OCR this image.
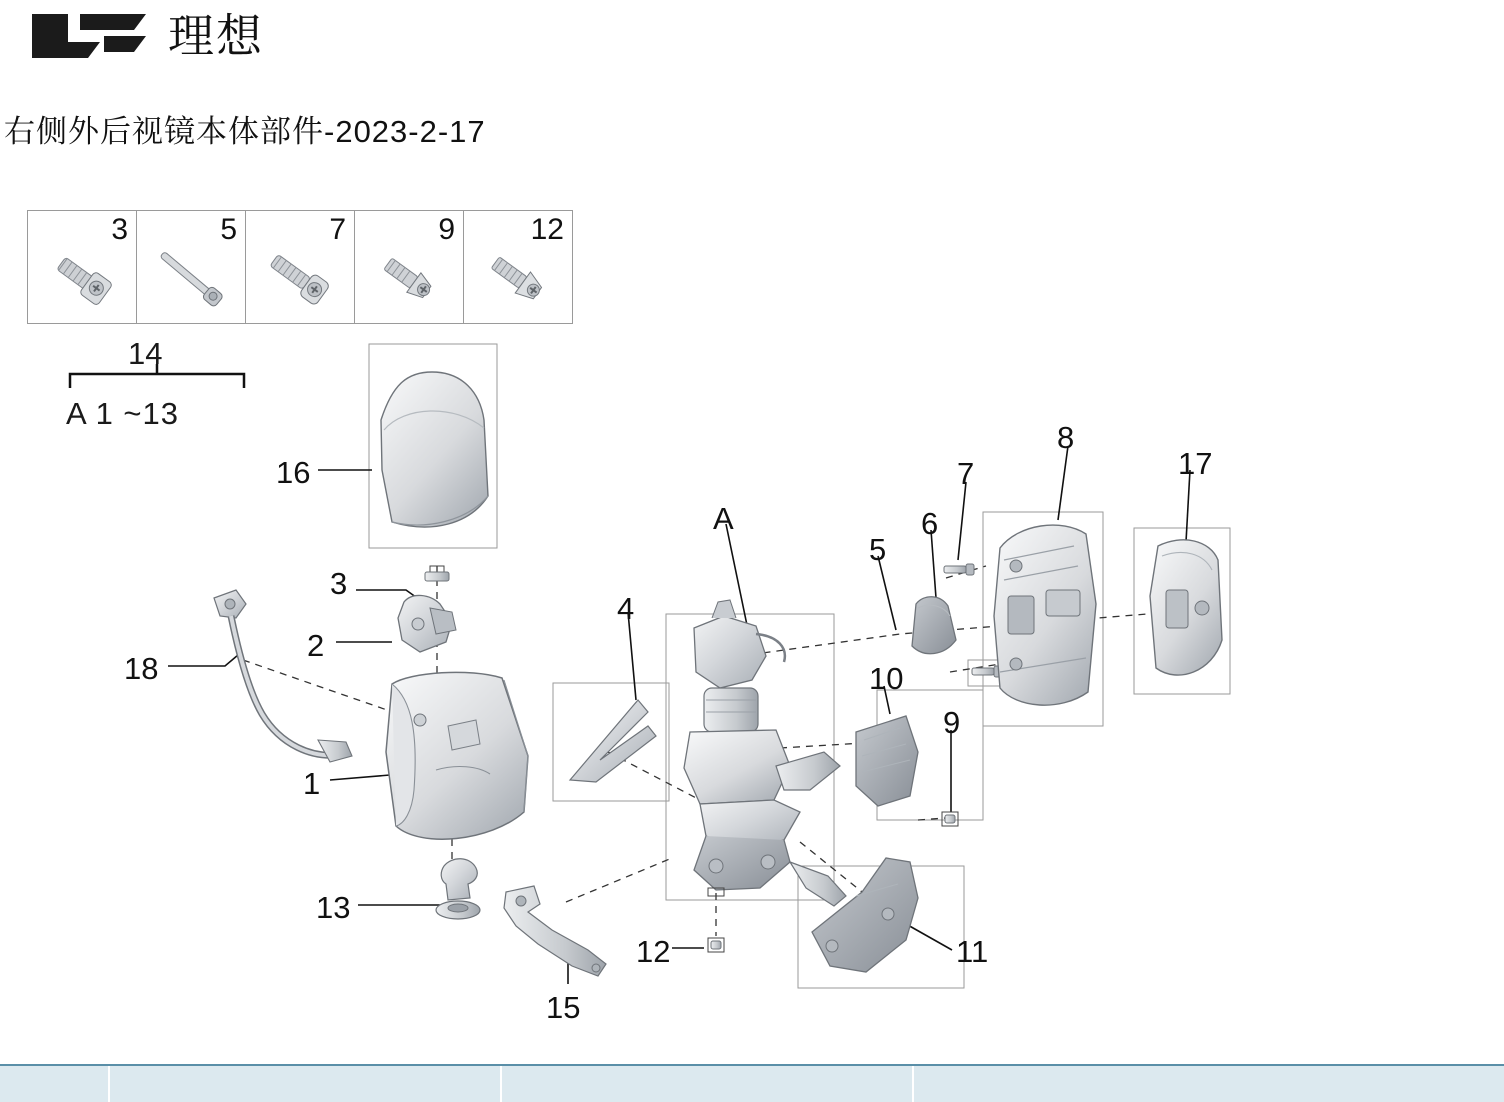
理想
右侧外后视镜本体部件-2023-2-17
3	5	7	9	12
14
A 1 ~13
16
3
2
18
1
13
15
4
A
12
5
6
7
8
17
10
9
11
